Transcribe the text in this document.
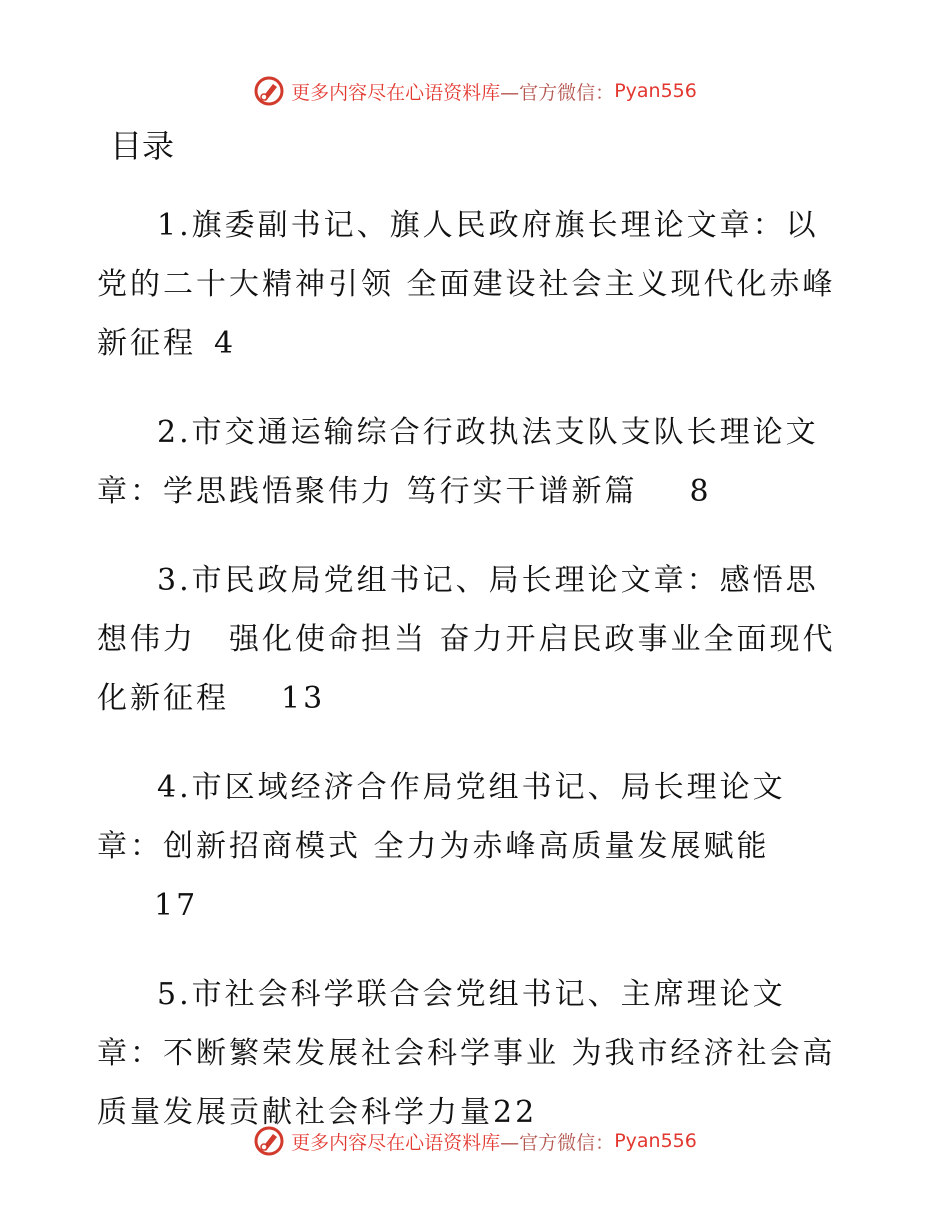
更多内容尽在心语资料库 —官方微信： Pyan556
目录

1.旗委副书记、旗人民政府旗长理论文章：以党的二十大精神引领 全面建设社会主义现代化赤峰新征程 4

2.市交通运输综合行政执法支队支队长理论文章：学思践悟聚伟力 笃行实干谱新篇 8

3.市民政局党组书记、局长理论文章：感悟思想伟力　强化使命担当 奋力开启民政事业全面现代化新征程 13

4.市区域经济合作局党组书记、局长理论文章：创新招商模式 全力为赤峰高质量发展赋能
17

5.市社会科学联合会党组书记、主席理论文章：不断繁荣发展社会科学事业 为我市经济社会高质量发展贡献社会科学力量22

更多内容尽在心语资料库 —官方微信： Pyan556
